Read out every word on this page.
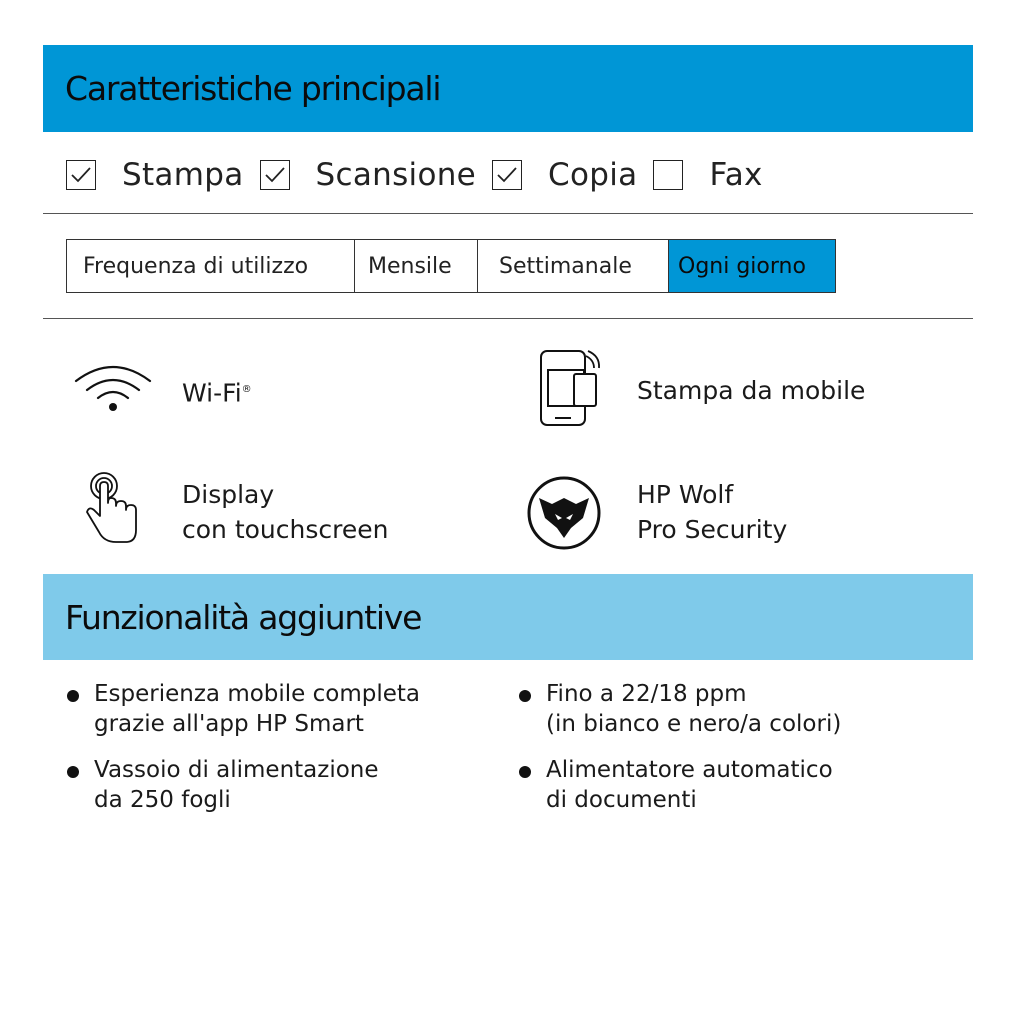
Caratteristiche principali
Stampa Scansione Copia Fax
Frequenza di utilizzo	Mensile	Settimanale	Ogni giorno
Wi-Fi®	Stampa da mobile
Display
con touchscreen
HP Wolf
Pro Security
Funzionalità aggiuntive
Esperienza mobile completa
grazie all'app HP Smart
Fino a 22/18 ppm
(in bianco e nero/a colori)
Vassoio di alimentazione
da 250 fogli
Alimentatore automatico
di documenti
